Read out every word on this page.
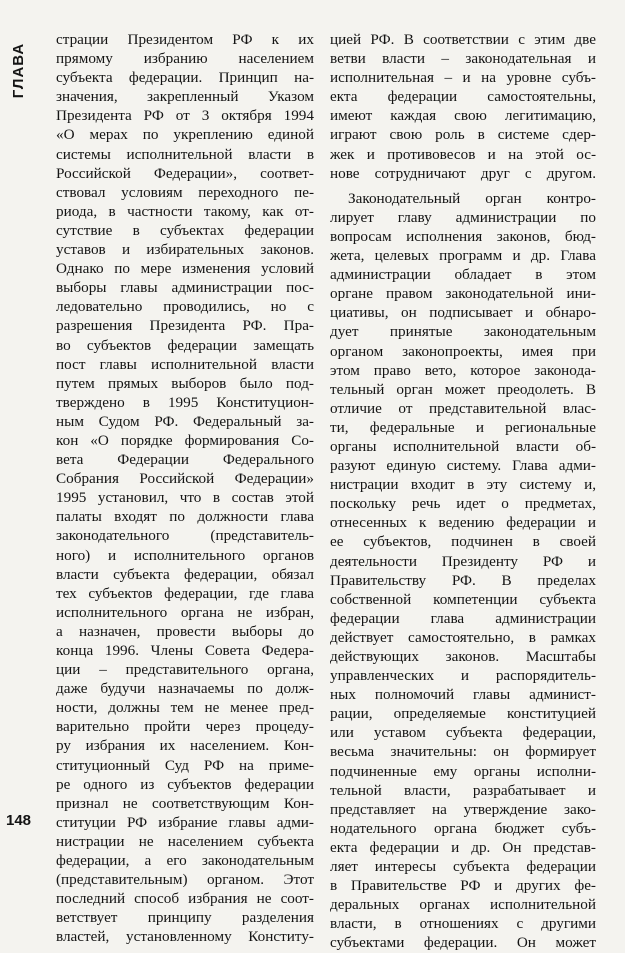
ГЛАВА
страции Президентом РФ к их
прямому избранию населением
субъекта федерации. Принцип на-
значения, закрепленный Указом
Президента РФ от 3 октября 1994
«О мерах по укреплению единой
системы исполнительной власти в
Российской Федерации», соответ-
ствовал условиям переходного пе-
риода, в частности такому, как от-
сутствие в субъектах федерации
уставов и избирательных законов.
Однако по мере изменения условий
выборы главы администрации пос-
ледовательно проводились, но с
разрешения Президента РФ. Пра-
во субъектов федерации замещать
пост главы исполнительной власти
путем прямых выборов было под-
тверждено в 1995 Конституцион-
ным Судом РФ. Федеральный за-
кон «О порядке формирования Со-
вета Федерации Федерального
Собрания Российской Федерации»
1995 установил, что в состав этой
палаты входят по должности глава
законодательного (представитель-
ного) и исполнительного органов
власти субъекта федерации, обязал
тех субъектов федерации, где глава
исполнительного органа не избран,
а назначен, провести выборы до
конца 1996. Члены Совета Федера-
ции – представительного органа,
даже будучи назначаемы по долж-
ности, должны тем не менее пред-
варительно пройти через процеду-
ру избрания их населением. Кон-
ституционный Суд РФ на приме-
ре одного из субъектов федерации
признал не соответствующим Кон-
ституции РФ избрание главы адми-
нистрации не населением субъекта
федерации, а его законодательным
(представительным) органом. Этот
последний способ избрания не соот-
ветствует принципу разделения
властей, установленному Конститу-
цией РФ. В соответствии с этим две
ветви власти – законодательная и
исполнительная – и на уровне субъ-
екта федерации самостоятельны,
имеют каждая свою легитимацию,
играют свою роль в системе сдер-
жек и противовесов и на этой ос-
нове сотрудничают друг с другом.
Законодательный орган контро-
лирует главу администрации по
вопросам исполнения законов, бюд-
жета, целевых программ и др. Глава
администрации обладает в этом
органе правом законодательной ини-
циативы, он подписывает и обнаро-
дует принятые законодательным
органом законопроекты, имея при
этом право вето, которое законода-
тельный орган может преодолеть. В
отличие от представительной влас-
ти, федеральные и региональные
органы исполнительной власти об-
разуют единую систему. Глава адми-
нистрации входит в эту систему и,
поскольку речь идет о предметах,
отнесенных к ведению федерации и
ее субъектов, подчинен в своей
деятельности Президенту РФ и
Правительству РФ. В пределах
собственной компетенции субъекта
федерации глава администрации
действует самостоятельно, в рамках
действующих законов. Масштабы
управленческих и распорядитель-
ных полномочий главы админист-
рации, определяемые конституцией
или уставом субъекта федерации,
весьма значительны: он формирует
подчиненные ему органы исполни-
тельной власти, разрабатывает и
представляет на утверждение зако-
нодательного органа бюджет субъ-
екта федерации и др. Он представ-
ляет интересы субъекта федерации
в Правительстве РФ и других фе-
деральных органах исполнительной
власти, в отношениях с другими
субъектами федерации. Он может
148
